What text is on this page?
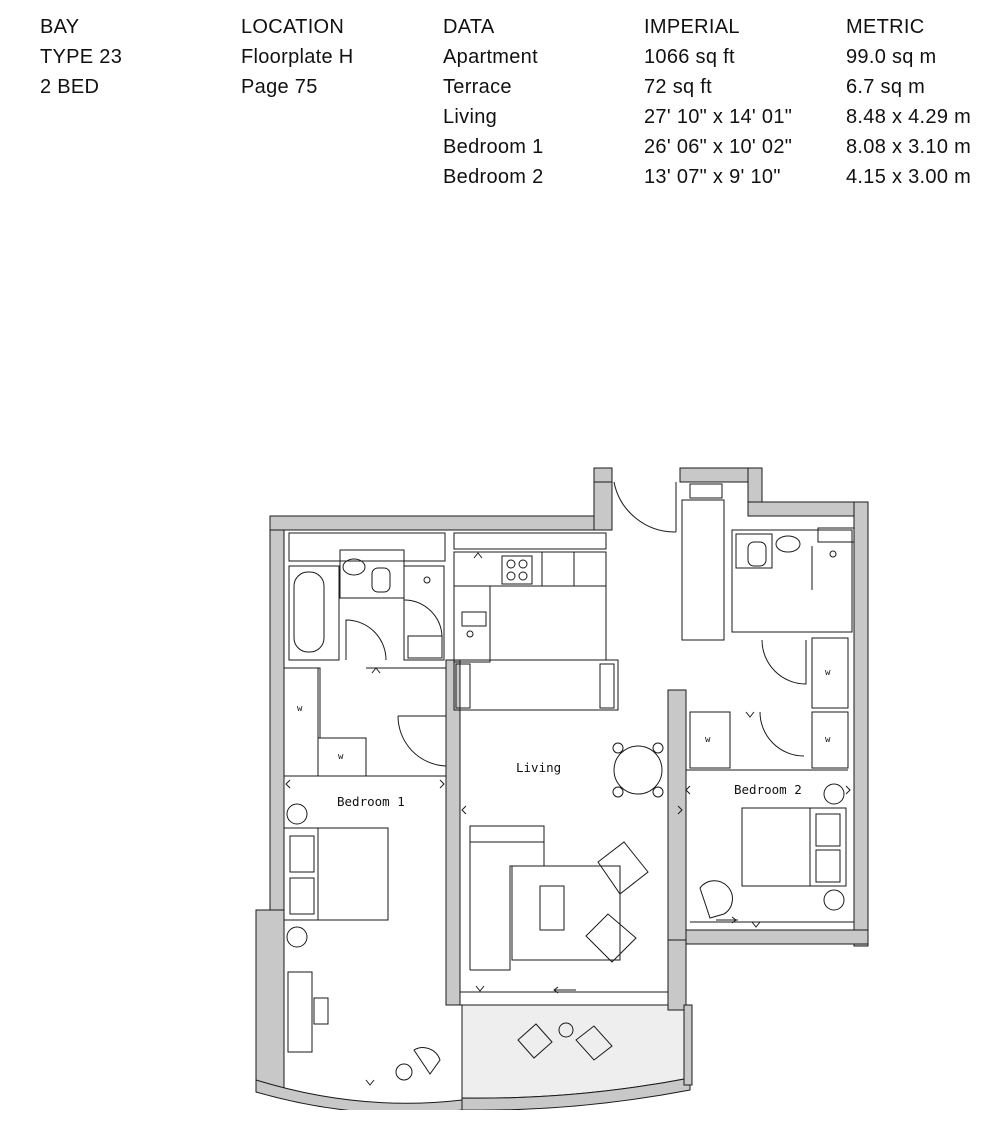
BAY
TYPE 23
2 BED
LOCATION
Floorplate H
Page 75
DATA
Apartment
Terrace
Living
Bedroom 1
Bedroom 2
IMPERIAL
1066 sq ft
72 sq ft
27' 10" x 14' 01"
26' 06" x 10' 02"
13' 07" x 9' 10"
METRIC
99.0 sq m
6.7 sq m
8.48 x 4.29 m
8.08 x 3.10 m
4.15 x 3.00 m
w
w
w
w
w
Living
Bedroom 1
Bedroom 2
